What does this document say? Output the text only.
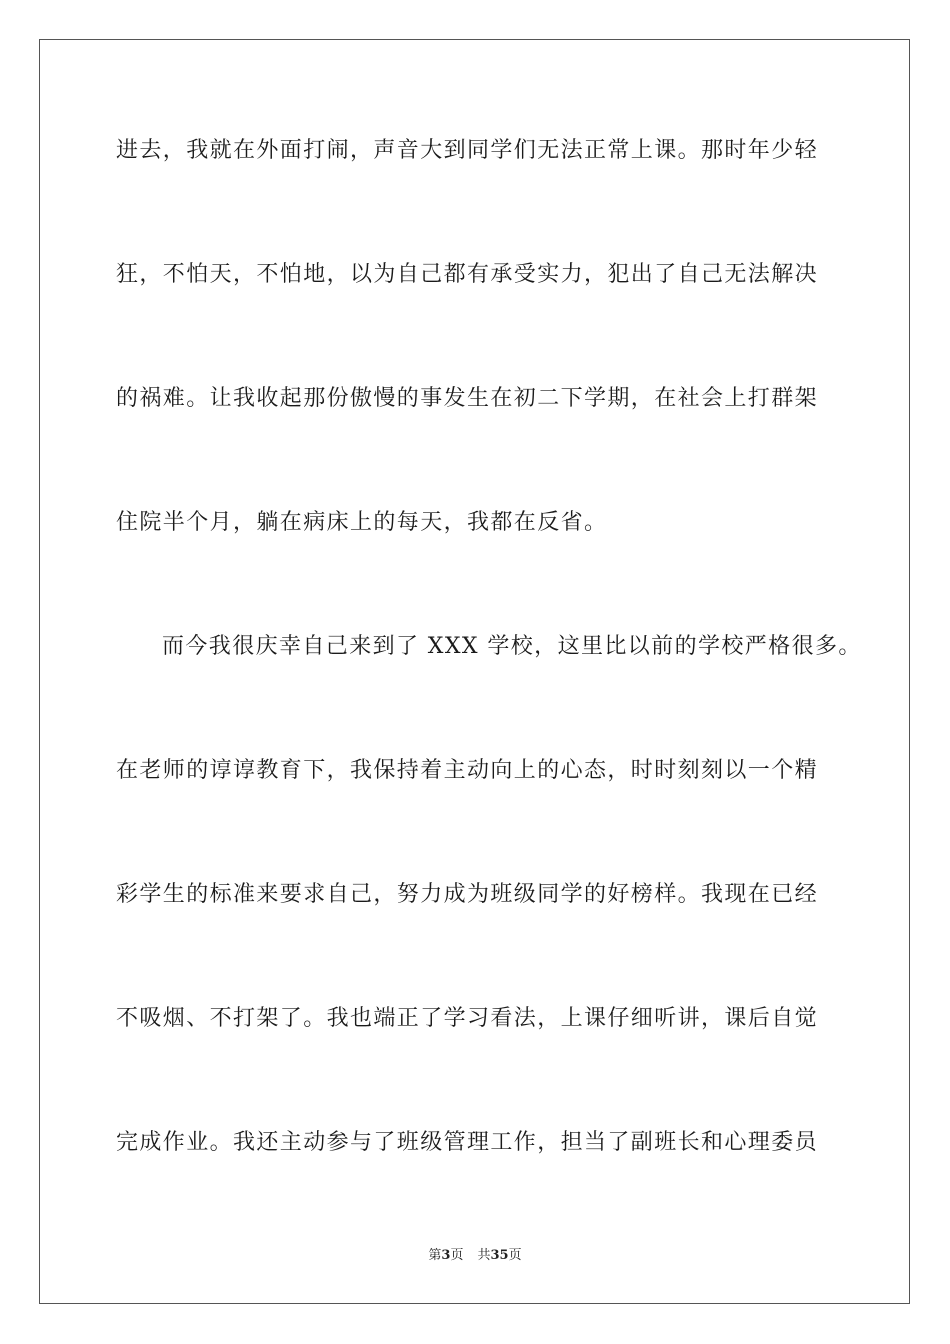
进去，我就在外面打闹，声音大到同学们无法正常上课。那时年少轻
狂，不怕天，不怕地，以为自己都有承受实力，犯出了自己无法解决
的祸难。让我收起那份傲慢的事发生在初二下学期，在社会上打群架
住院半个月，躺在病床上的每天，我都在反省。
而今我很庆幸自己来到了 XXX 学校，这里比以前的学校严格很多。
在老师的谆谆教育下，我保持着主动向上的心态，时时刻刻以一个精
彩学生的标准来要求自己，努力成为班级同学的好榜样。我现在已经
不吸烟、不打架了。我也端正了学习看法，上课仔细听讲，课后自觉
完成作业。我还主动参与了班级管理工作，担当了副班长和心理委员
第3页 共35页
